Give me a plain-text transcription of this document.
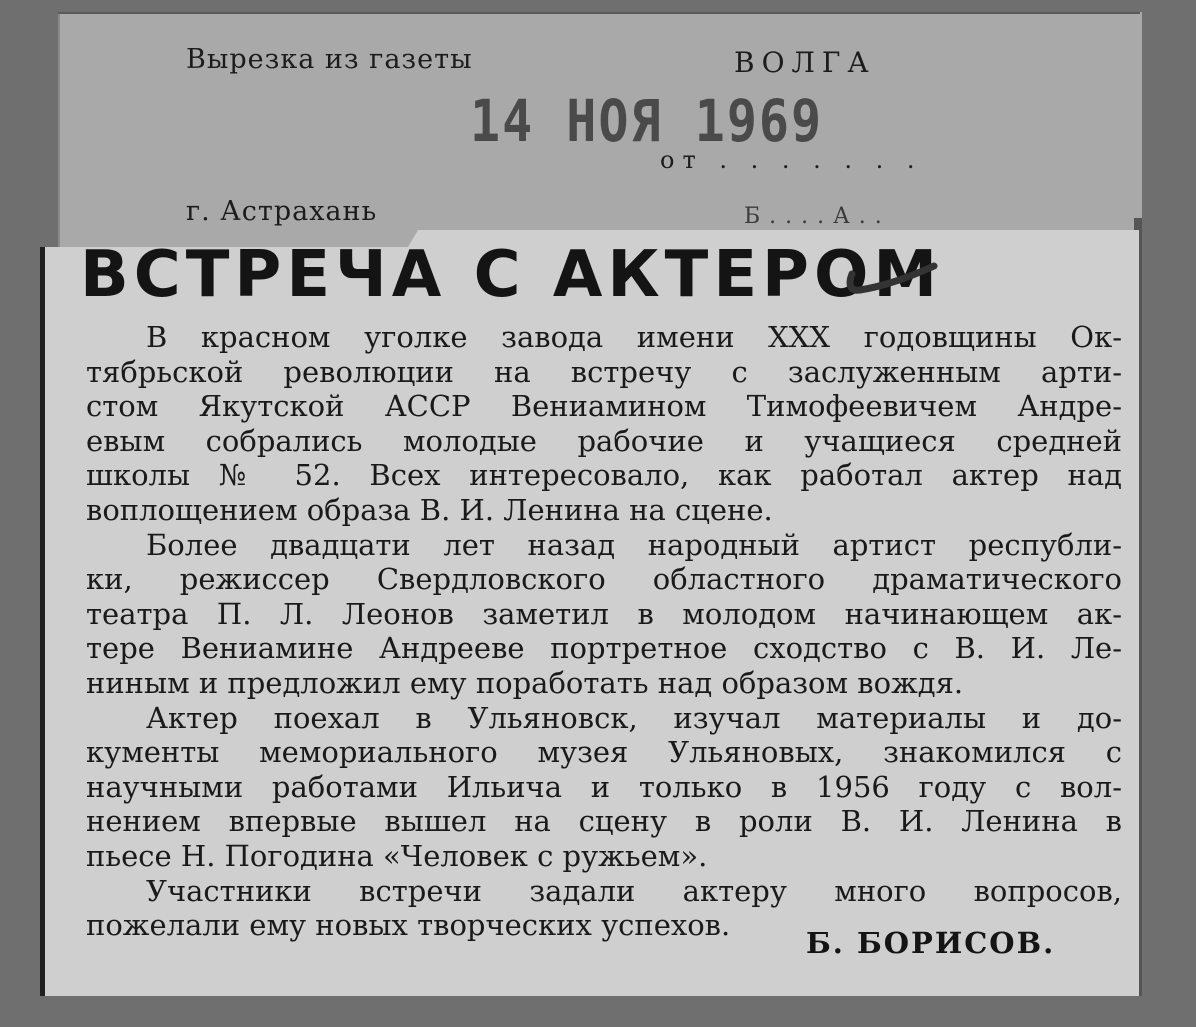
Вырезка из газеты	ВОЛГА
14 НОЯ 1969
от . . . . . . .
г. Астрахань	Б . . . . А . .
ВСТРЕЧА С АКТЕРОМ
В красном уголке завода имени XXX годовщины Ок-
тябрьской революции на встречу с заслуженным арти-
стом Якутской АССР Вениамином Тимофеевичем Андре-
евым собрались молодые рабочие и учащиеся средней
школы № 52. Всех интересовало, как работал актер над
воплощением образа В. И. Ленина на сцене.
Более двадцати лет назад народный артист республи-
ки, режиссер Свердловского областного драматического
театра П. Л. Леонов заметил в молодом начинающем ак-
тере Вениамине Андрееве портретное сходство с В. И. Ле-
ниным и предложил ему поработать над образом вождя.
Актер поехал в Ульяновск, изучал материалы и до-
кументы мемориального музея Ульяновых, знакомился с
научными работами Ильича и только в 1956 году с вол-
нением впервые вышел на сцену в роли В. И. Ленина в
пьесе Н. Погодина «Человек с ружьем».
Участники встречи задали актеру много вопросов,
пожелали ему новых творческих успехов.
Б. БОРИСОВ.
